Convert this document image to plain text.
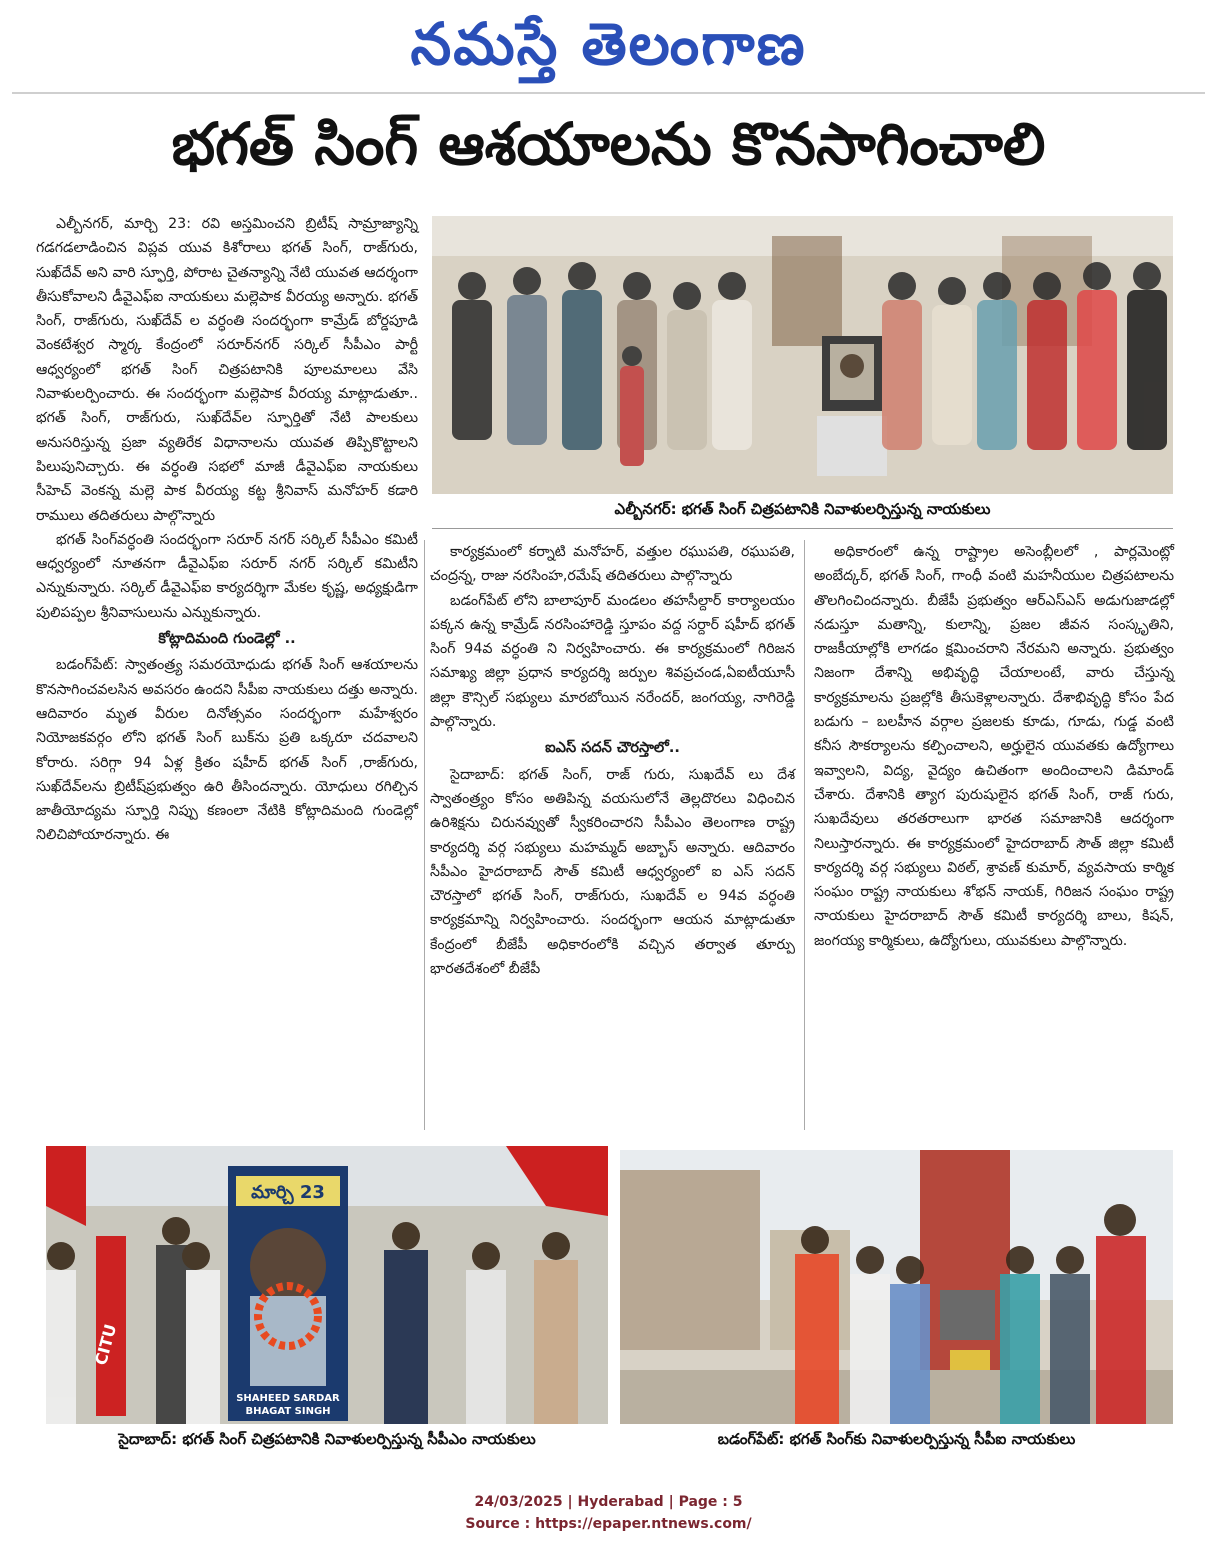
నమస్తే తెలంగాణ
భగత్ సింగ్ ఆశయాలను కొనసాగించాలి
ఎల్బీనగర్: భగత్ సింగ్ చిత్రపటానికి నివాళులర్పిస్తున్న నాయకులు

ఎల్బీనగర్, మార్చి 23: రవి అస్తమించని బ్రిటీష్ సామ్రాజ్యాన్ని గడగడలాడించిన విప్లవ యువ కిశోరాలు భగత్ సింగ్, రాజ్‌గురు, సుఖ్‌దేవ్ అని వారి స్ఫూర్తి, పోరాట చైతన్యాన్ని నేటి యువత ఆదర్శంగా తీసుకోవాలని డీవైఎఫ్ఐ నాయకులు మల్లెపాక వీరయ్య అన్నారు. భగత్ సింగ్, రాజ్‌గురు, సుఖ్‌దేవ్ ల వర్ధంతి సందర్భంగా కామ్రేడ్ బోర్డపూడి వెంకటేశ్వర స్మార్క కేంద్రంలో సరూర్‌నగర్ సర్కిల్ సీపీఎం పార్టీ ఆధ్వర్యంలో భగత్ సింగ్ చిత్రపటానికి పూలమాలలు వేసి నివాళులర్పించారు. ఈ సందర్భంగా మల్లెపాక వీరయ్య మాట్లాడుతూ.. భగత్ సింగ్, రాజ్‌గురు, సుఖ్‌దేవ్‌ల స్ఫూర్తితో నేటి పాలకులు అనుసరిస్తున్న ప్రజా వ్యతిరేక విధానాలను యువత తిప్పికొట్టాలని పిలుపునిచ్చారు. ఈ వర్ధంతి సభలో మాజీ డీవైఎఫ్ఐ నాయకులు సీహెచ్ వెంకన్న మల్లె పాక వీరయ్య కట్ట శ్రీనివాస్ మనోహర్ కడారి రాములు తదితరులు పాల్గొన్నారు

భగత్ సింగ్‌వర్ధంతి సందర్భంగా సరూర్ నగర్ సర్కిల్ సీపీఎం కమిటీ ఆధ్వర్యంలో నూతనగా డీవైఎఫ్ఐ సరూర్ నగర్ సర్కిల్ కమిటీని ఎన్నుకున్నారు. సర్కిల్ డీవైఎఫ్ఐ కార్యదర్శిగా మేకల కృష్ణ, అధ్యక్షుడిగా పులిపప్పల శ్రీనివాసులును ఎన్నుకున్నారు.

కోట్లాదిమంది గుండెల్లో ..

బడంగ్‌పేట్: స్వాతంత్ర్య సమరయోధుడు భగత్ సింగ్ ఆశయాలను కొనసాగించవలసిన అవసరం ఉందని సీపీఐ నాయకులు దత్తు అన్నారు. ఆదివారం మృత వీరుల దినోత్సవం సందర్భంగా మహేశ్వరం నియోజకవర్గం లోని భగత్ సింగ్ బుక్‌ను ప్రతి ఒక్కరూ చదవాలని కోరారు. సరిగ్గా 94 ఏళ్ల క్రితం షహీద్ భగత్ సింగ్ ,రాజ్‌గురు, సుఖ్‌దేవ్‌లను బ్రిటీష్‌ప్రభుత్వం ఉరి తీసిందన్నారు. యోధులు రగిల్చిన జాతీయోద్యమ స్ఫూర్తి నిప్పు కణంలా నేటికి కోట్లాదిమంది గుండెల్లో నిలిచిపోయారన్నారు. ఈ

కార్యక్రమంలో కర్నాటి మనోహర్, వత్తుల రఘుపతి, రఘుపతి, చంద్రన్న, రాజు నరసింహ,రమేష్ తదితరులు పాల్గొన్నారు

బడంగ్‌పేట్ లోని బాలాపూర్ మండలం తహసీల్దార్ కార్యాలయం పక్కన ఉన్న కామ్రేడ్ నరసింహారెడ్డి స్తూపం వద్ద సర్దార్ షహీద్ భగత్ సింగ్ 94వ వర్ధంతి ని నిర్వహించారు. ఈ కార్యక్రమంలో గిరిజన సమాఖ్య జిల్లా ప్రధాన కార్యదర్శి జర్పుల శివప్రచండ,ఏఐటీయూసీ జిల్లా కౌన్సిల్ సభ్యులు మారబోయిన నరేందర్, జంగయ్య, నాగిరెడ్డి పాల్గొన్నారు.

ఐఎస్ సదన్ చౌరస్తాలో..

సైదాబాద్: భగత్ సింగ్, రాజ్ గురు, సుఖదేవ్ లు దేశ స్వాతంత్ర్యం కోసం అతిపిన్న వయసులోనే తెల్లదొరలు విధించిన ఉరిశిక్షను చిరునవ్వుతో స్వీకరించారని సీపీఎం తెలంగాణ రాష్ట్ర కార్యదర్శి వర్గ సభ్యులు మహమ్మద్ అబ్బాస్ అన్నారు. ఆదివారం సీపీఎం హైదరాబాద్ సౌత్ కమిటీ ఆధ్వర్యంలో ఐ ఎస్ సదన్ చౌరస్తాలో భగత్ సింగ్, రాజ్‌గురు, సుఖదేవ్ ల 94వ వర్ధంతి కార్యక్రమాన్ని నిర్వహించారు. సందర్భంగా ఆయన మాట్లాడుతూ కేంద్రంలో బీజేపీ అధికారంలోకి వచ్చిన తర్వాత తూర్పు భారతదేశంలో బీజేపీ

అధికారంలో ఉన్న రాష్ట్రాల అసెంబ్లీలలో , పార్లమెంట్లో అంబేద్కర్, భగత్ సింగ్, గాంధీ వంటి మహనీయుల చిత్రపటాలను తొలగించిందన్నారు. బీజేపీ ప్రభుత్వం ఆర్ఎస్ఎస్ అడుగుజాడల్లో నడుస్తూ మతాన్ని, కులాన్ని, ప్రజల జీవన సంస్కృతిని, రాజకీయాల్లోకి లాగడం క్షమించరాని నేరమని అన్నారు. ప్రభుత్వం నిజంగా దేశాన్ని అభివృద్ధి చేయాలంటే, వారు చేస్తున్న కార్యక్రమాలను ప్రజల్లోకి తీసుకెళ్లాలన్నారు. దేశాభివృద్ధి కోసం పేద బడుగు – బలహీన వర్గాల ప్రజలకు కూడు, గూడు, గుడ్డ వంటి కనీస సౌకర్యాలను కల్పించాలని, అర్హులైన యువతకు ఉద్యోగాలు ఇవ్వాలని, విద్య, వైద్యం ఉచితంగా అందించాలని డిమాండ్ చేశారు. దేశానికి త్యాగ పురుషులైన భగత్ సింగ్, రాజ్ గురు, సుఖదేవులు తరతరాలుగా భారత సమాజానికి ఆదర్శంగా నిలుస్తారన్నారు. ఈ కార్యక్రమంలో హైదరాబాద్ సౌత్ జిల్లా కమిటీ కార్యదర్శి వర్గ సభ్యులు విఠల్, శ్రావణ్ కుమార్, వ్యవసాయ కార్మిక సంఘం రాష్ట్ర నాయకులు శోభన్ నాయక్, గిరిజన సంఘం రాష్ట్ర నాయకులు హైదరాబాద్ సౌత్ కమిటీ కార్యదర్శి బాలు, కిషన్, జంగయ్య కార్మికులు, ఉద్యోగులు, యువకులు పాల్గొన్నారు.

మార్చి 23
SHAHEED SARDAR
BHAGAT SINGH
CITU
సైదాబాద్: భగత్ సింగ్ చిత్రపటానికి నివాళులర్పిస్తున్న సీపీఎం నాయకులు	బడంగ్‌పేట్: భగత్ సింగ్‌కు నివాళులర్పిస్తున్న సీపీఐ నాయకులు
24/03/2025 | Hyderabad | Page : 5
Source : https://epaper.ntnews.com/
